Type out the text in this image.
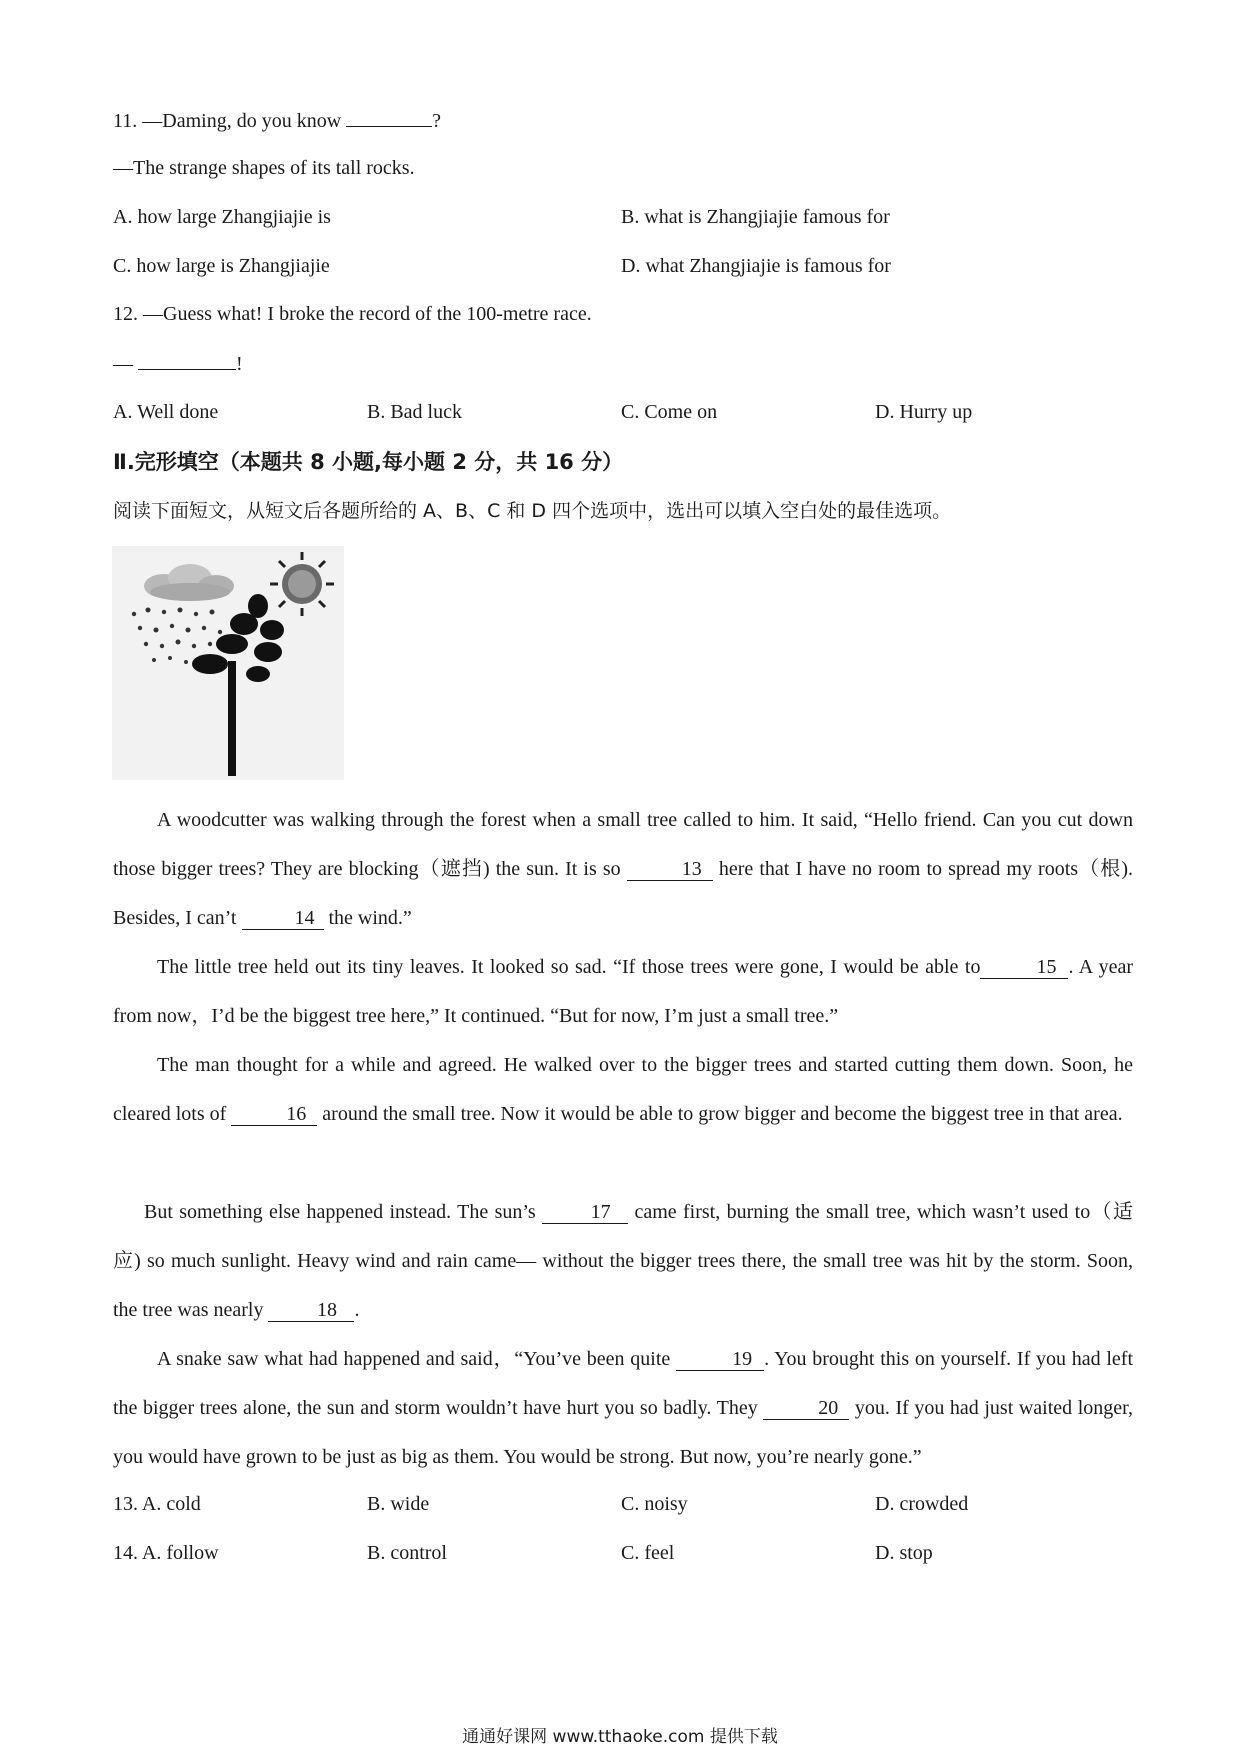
11. —Daming, do you know	?
—The strange shapes of its tall rocks.
A. how large Zhangjiajie is	B. what is Zhangjiajie famous for
C. how large is Zhangjiajie	D. what Zhangjiajie is famous for
12. —Guess what! I broke the record of the 100-metre race.
—	!
A. Well done	B. Bad luck	C. Come on	D. Hurry up
Ⅱ.完形填空（本题共 8 小题,每小题 2 分，共 16 分）
阅读下面短文，从短文后各题所给的 A、B、C 和 D 四个选项中，选出可以填入空白处的最佳选项。
A woodcutter was walking through the forest when a small tree called to him. It said, “Hello friend. Can you cut down those bigger trees? They are blocking（遮挡) the sun. It is so	13 here that I have no room to spread my roots（根). Besides, I can’t	14 the wind.”
The little tree held out its tiny leaves. It looked so sad. “If those trees were gone, I would be able to	15 . A year from now，I’d be the biggest tree here,” It continued. “But for now, I’m just a small tree.”
The man thought for a while and agreed. He walked over to the bigger trees and started cutting them down. Soon, he cleared lots of	16 around the small tree. Now it would be able to grow bigger and become the biggest tree in that area.
But something else happened instead. The sun’s 17 came first, burning the small tree, which wasn’t used to（适应) so much sunlight. Heavy wind and rain came— without the bigger trees there, the small tree was hit by the storm. Soon, the tree was nearly 18 .
A snake saw what had happened and said，“You’ve been quite	19 . You brought this on yourself. If you had left the bigger trees alone, the sun and storm wouldn’t have hurt you so badly. They	20 you. If you had just waited longer, you would have grown to be just as big as them. You would be strong. But now, you’re nearly gone.”
13. A. cold	B. wide	C. noisy	D. crowded
14. A. follow	B. control	C. feel	D. stop
通通好课网 www.tthaoke.com 提供下载
